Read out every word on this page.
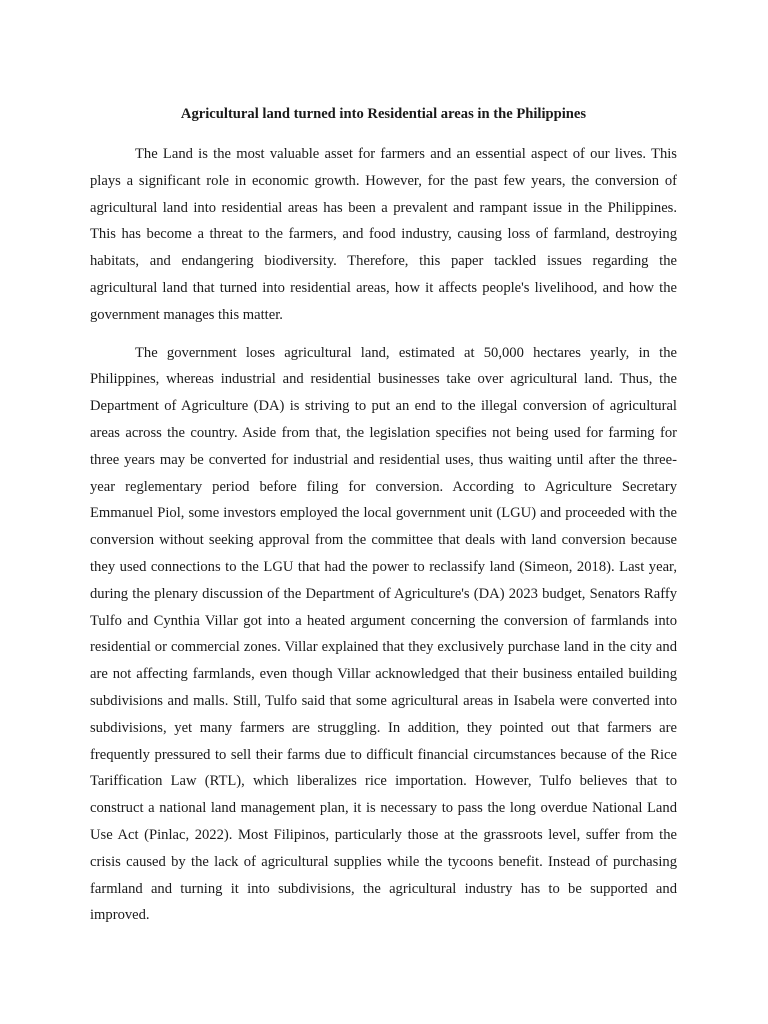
Agricultural land turned into Residential areas in the Philippines

The Land is the most valuable asset for farmers and an essential aspect of our lives. This plays a significant role in economic growth. However, for the past few years, the conversion of agricultural land into residential areas has been a prevalent and rampant issue in the Philippines. This has become a threat to the farmers, and food industry, causing loss of farmland, destroying habitats, and endangering biodiversity. Therefore, this paper tackled issues regarding the agricultural land that turned into residential areas, how it affects people's livelihood, and how the government manages this matter.

The government loses agricultural land, estimated at 50,000 hectares yearly, in the Philippines, whereas industrial and residential businesses take over agricultural land. Thus, the Department of Agriculture (DA) is striving to put an end to the illegal conversion of agricultural areas across the country. Aside from that, the legislation specifies not being used for farming for three years may be converted for industrial and residential uses, thus waiting until after the three-year reglementary period before filing for conversion. According to Agriculture Secretary Emmanuel Piol, some investors employed the local government unit (LGU) and proceeded with the conversion without seeking approval from the committee that deals with land conversion because they used connections to the LGU that had the power to reclassify land (Simeon, 2018). Last year, during the plenary discussion of the Department of Agriculture's (DA) 2023 budget, Senators Raffy Tulfo and Cynthia Villar got into a heated argument concerning the conversion of farmlands into residential or commercial zones. Villar explained that they exclusively purchase land in the city and are not affecting farmlands, even though Villar acknowledged that their business entailed building subdivisions and malls. Still, Tulfo said that some agricultural areas in Isabela were converted into subdivisions, yet many farmers are struggling. In addition, they pointed out that farmers are frequently pressured to sell their farms due to difficult financial circumstances because of the Rice Tariffication Law (RTL), which liberalizes rice importation. However, Tulfo believes that to construct a national land management plan, it is necessary to pass the long overdue National Land Use Act (Pinlac, 2022). Most Filipinos, particularly those at the grassroots level, suffer from the crisis caused by the lack of agricultural supplies while the tycoons benefit. Instead of purchasing farmland and turning it into subdivisions, the agricultural industry has to be supported and improved.
